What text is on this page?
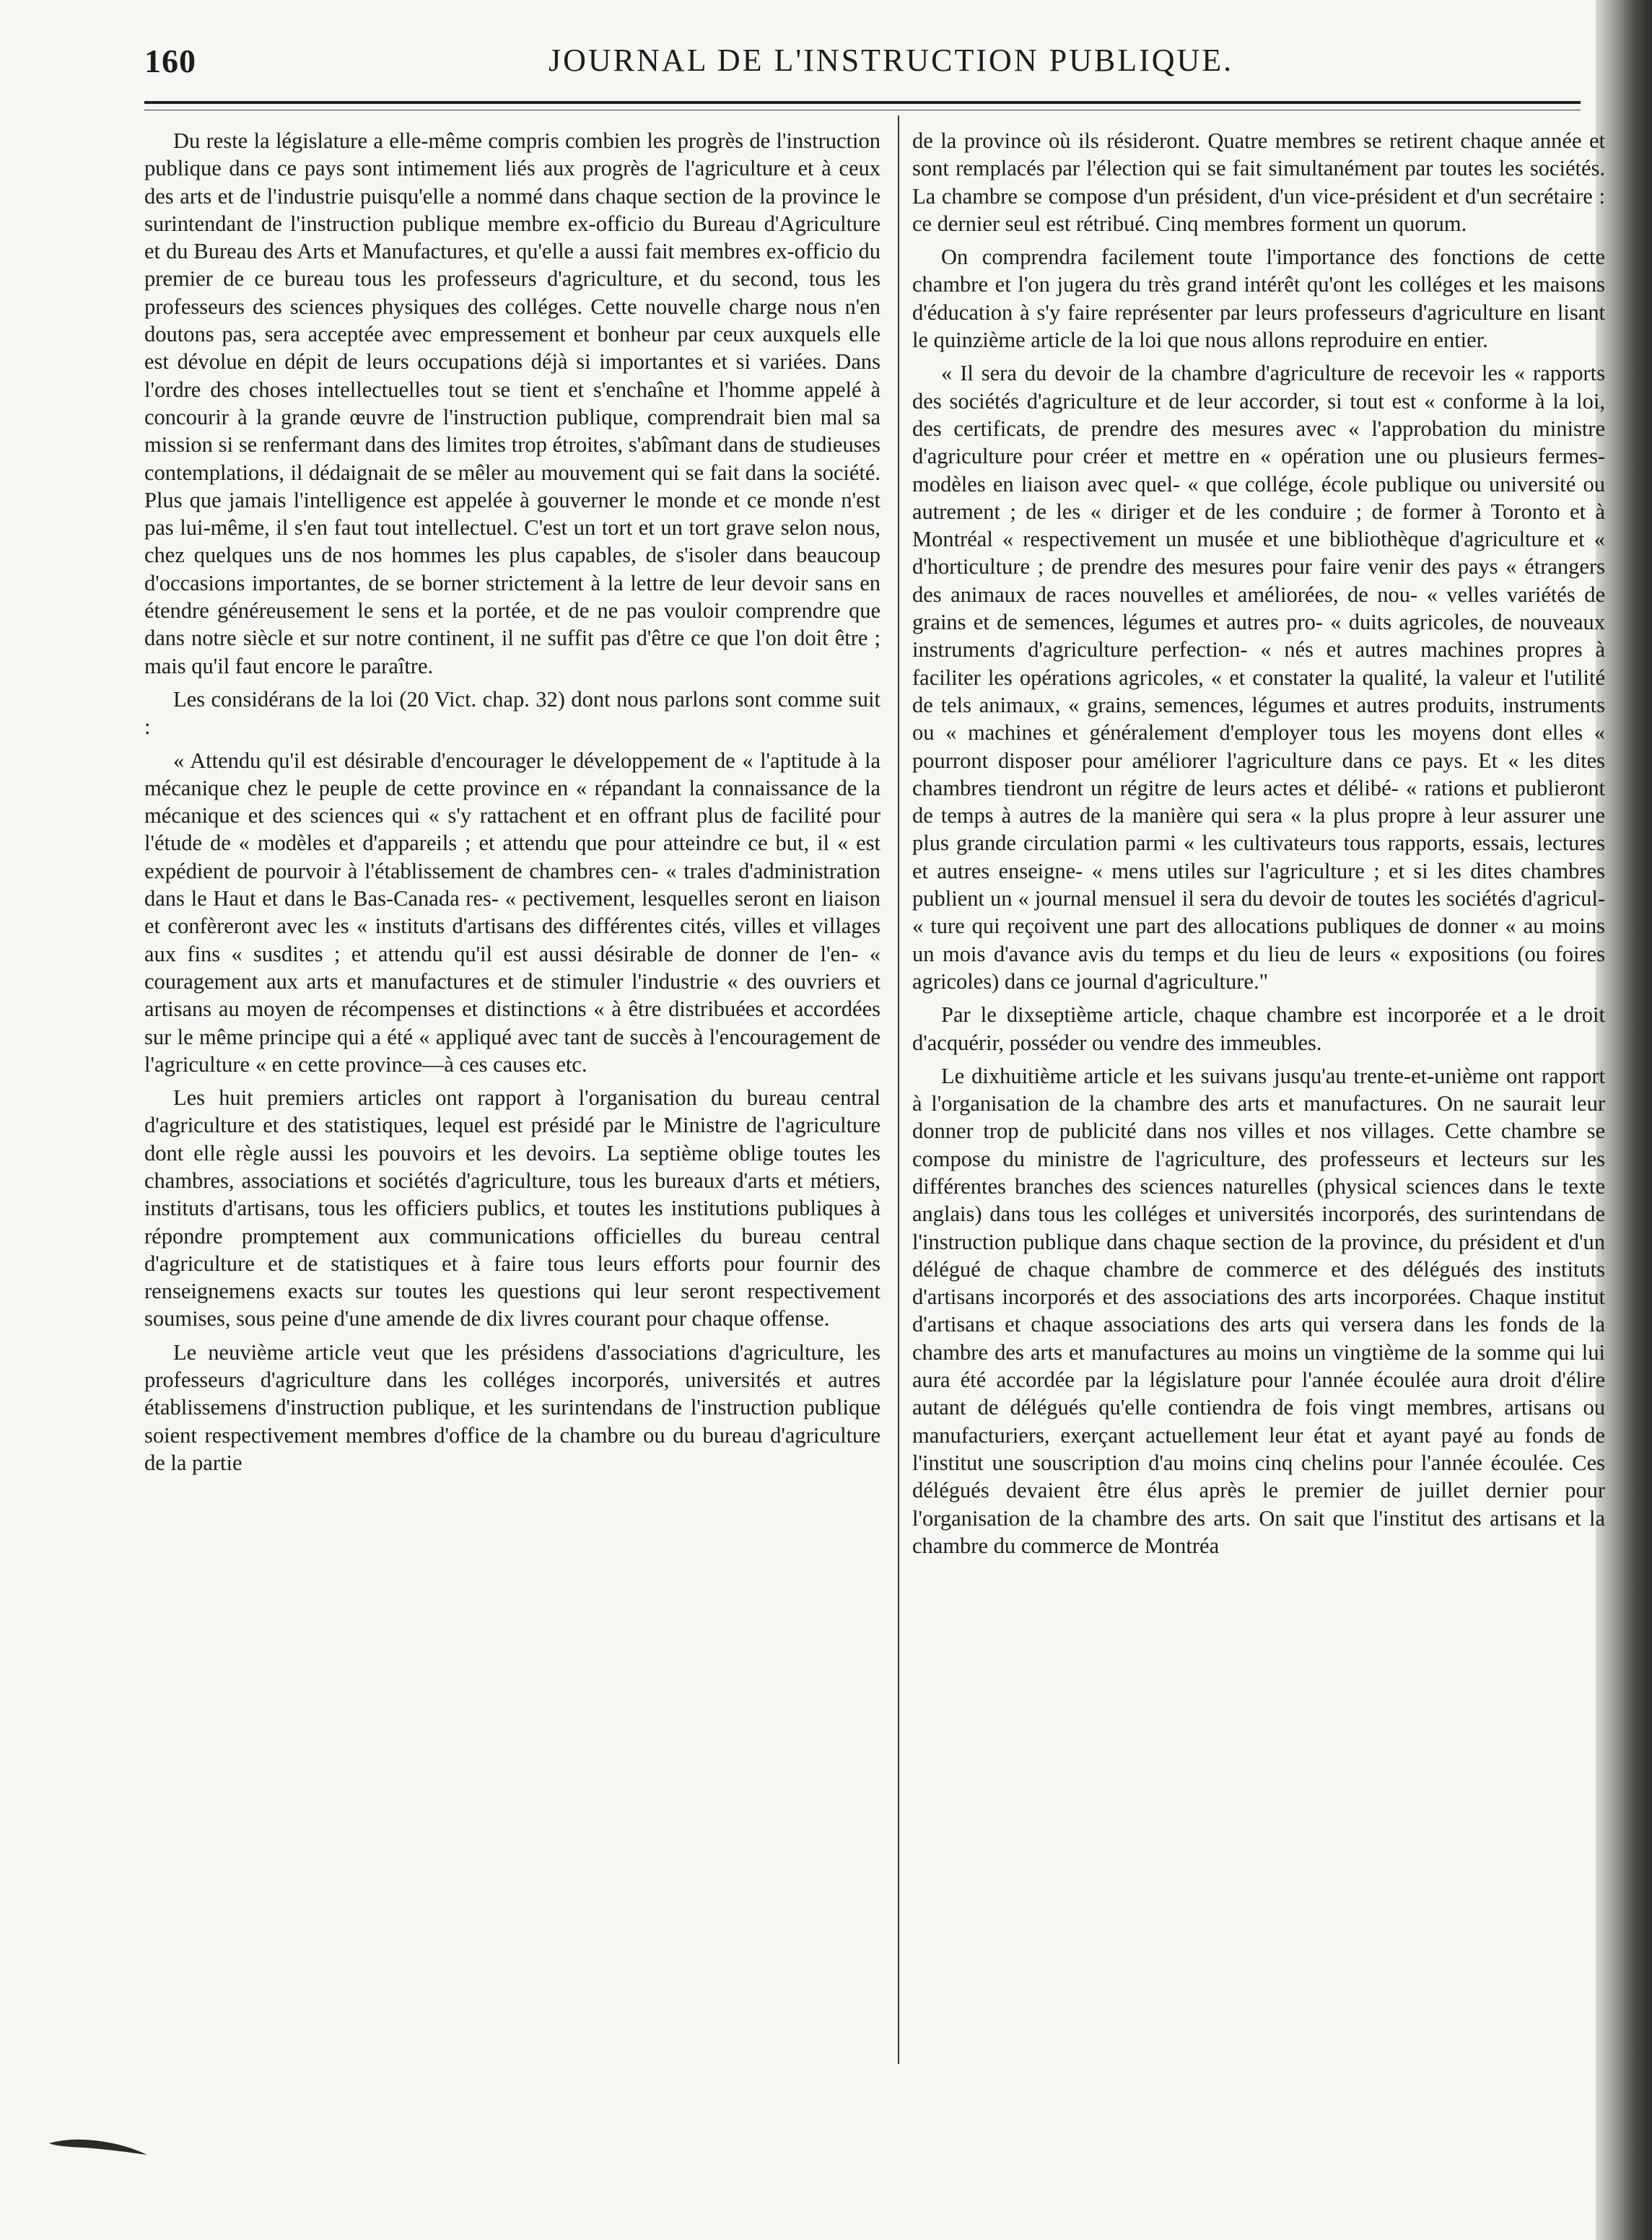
160	JOURNAL DE L'INSTRUCTION PUBLIQUE.

Du reste la législature a elle-même compris combien les progrès de l'instruction publique dans ce pays sont intimement liés aux progrès de l'agriculture et à ceux des arts et de l'industrie puisqu'elle a nommé dans chaque section de la province le surintendant de l'instruction publique membre ex-officio du Bureau d'Agriculture et du Bureau des Arts et Manufactures, et qu'elle a aussi fait membres ex-officio du premier de ce bureau tous les professeurs d'agriculture, et du second, tous les professeurs des sciences physiques des colléges. Cette nouvelle charge nous n'en doutons pas, sera acceptée avec empressement et bonheur par ceux auxquels elle est dévolue en dépit de leurs occupations déjà si importantes et si variées. Dans l'ordre des choses intellectuelles tout se tient et s'enchaîne et l'homme appelé à concourir à la grande œuvre de l'instruction publique, comprendrait bien mal sa mission si se renfermant dans des limites trop étroites, s'abîmant dans de studieuses contemplations, il dédaignait de se mêler au mouvement qui se fait dans la société. Plus que jamais l'intelligence est appelée à gouverner le monde et ce monde n'est pas lui-même, il s'en faut tout intellectuel. C'est un tort et un tort grave selon nous, chez quelques uns de nos hommes les plus capables, de s'isoler dans beaucoup d'occasions importantes, de se borner strictement à la lettre de leur devoir sans en étendre généreusement le sens et la portée, et de ne pas vouloir comprendre que dans notre siècle et sur notre continent, il ne suffit pas d'être ce que l'on doit être ; mais qu'il faut encore le paraître.

Les considérans de la loi (20 Vict. chap. 32) dont nous parlons sont comme suit :

« Attendu qu'il est désirable d'encourager le développement de « l'aptitude à la mécanique chez le peuple de cette province en « répandant la connaissance de la mécanique et des sciences qui « s'y rattachent et en offrant plus de facilité pour l'étude de « modèles et d'appareils ; et attendu que pour atteindre ce but, il « est expédient de pourvoir à l'établissement de chambres cen- « trales d'administration dans le Haut et dans le Bas-Canada res- « pectivement, lesquelles seront en liaison et confèreront avec les « instituts d'artisans des différentes cités, villes et villages aux fins « susdites ; et attendu qu'il est aussi désirable de donner de l'en- « couragement aux arts et manufactures et de stimuler l'industrie « des ouvriers et artisans au moyen de récompenses et distinctions « à être distribuées et accordées sur le même principe qui a été « appliqué avec tant de succès à l'encouragement de l'agriculture « en cette province—à ces causes etc.

Les huit premiers articles ont rapport à l'organisation du bureau central d'agriculture et des statistiques, lequel est présidé par le Ministre de l'agriculture dont elle règle aussi les pouvoirs et les devoirs. La septième oblige toutes les chambres, associations et sociétés d'agriculture, tous les bureaux d'arts et métiers, instituts d'artisans, tous les officiers publics, et toutes les institutions publiques à répondre promptement aux communications officielles du bureau central d'agriculture et de statistiques et à faire tous leurs efforts pour fournir des renseignemens exacts sur toutes les questions qui leur seront respectivement soumises, sous peine d'une amende de dix livres courant pour chaque offense.

Le neuvième article veut que les présidens d'associations d'agriculture, les professeurs d'agriculture dans les colléges incorporés, universités et autres établissemens d'instruction publique, et les surintendans de l'instruction publique soient respectivement membres d'office de la chambre ou du bureau d'agriculture de la partie

de la province où ils résideront. Quatre membres se retirent chaque année et sont remplacés par l'élection qui se fait simultanément par toutes les sociétés. La chambre se compose d'un président, d'un vice-président et d'un secrétaire : ce dernier seul est rétribué. Cinq membres forment un quorum.

On comprendra facilement toute l'importance des fonctions de cette chambre et l'on jugera du très grand intérêt qu'ont les colléges et les maisons d'éducation à s'y faire représenter par leurs professeurs d'agriculture en lisant le quinzième article de la loi que nous allons reproduire en entier.

« Il sera du devoir de la chambre d'agriculture de recevoir les « rapports des sociétés d'agriculture et de leur accorder, si tout est « conforme à la loi, des certificats, de prendre des mesures avec « l'approbation du ministre d'agriculture pour créer et mettre en « opération une ou plusieurs fermes-modèles en liaison avec quel- « que collége, école publique ou université ou autrement ; de les « diriger et de les conduire ; de former à Toronto et à Montréal « respectivement un musée et une bibliothèque d'agriculture et « d'horticulture ; de prendre des mesures pour faire venir des pays « étrangers des animaux de races nouvelles et améliorées, de nou- « velles variétés de grains et de semences, légumes et autres pro- « duits agricoles, de nouveaux instruments d'agriculture perfection- « nés et autres machines propres à faciliter les opérations agricoles, « et constater la qualité, la valeur et l'utilité de tels animaux, « grains, semences, légumes et autres produits, instruments ou « machines et généralement d'employer tous les moyens dont elles « pourront disposer pour améliorer l'agriculture dans ce pays. Et « les dites chambres tiendront un régitre de leurs actes et délibé- « rations et publieront de temps à autres de la manière qui sera « la plus propre à leur assurer une plus grande circulation parmi « les cultivateurs tous rapports, essais, lectures et autres enseigne- « mens utiles sur l'agriculture ; et si les dites chambres publient un « journal mensuel il sera du devoir de toutes les sociétés d'agricul- « ture qui reçoivent une part des allocations publiques de donner « au moins un mois d'avance avis du temps et du lieu de leurs « expositions (ou foires agricoles) dans ce journal d'agriculture."

Par le dixseptième article, chaque chambre est incorporée et a le droit d'acquérir, posséder ou vendre des immeubles.

Le dixhuitième article et les suivans jusqu'au trente-et-unième ont rapport à l'organisation de la chambre des arts et manufactures. On ne saurait leur donner trop de publicité dans nos villes et nos villages. Cette chambre se compose du ministre de l'agriculture, des professeurs et lecteurs sur les différentes branches des sciences naturelles (physical sciences dans le texte anglais) dans tous les colléges et universités incorporés, des surintendans de l'instruction publique dans chaque section de la province, du président et d'un délégué de chaque chambre de commerce et des délégués des instituts d'artisans incorporés et des associations des arts incorporées. Chaque institut d'artisans et chaque associations des arts qui versera dans les fonds de la chambre des arts et manufactures au moins un vingtième de la somme qui lui aura été accordée par la législature pour l'année écoulée aura droit d'élire autant de délégués qu'elle contiendra de fois vingt membres, artisans ou manufacturiers, exerçant actuellement leur état et ayant payé au fonds de l'institut une souscription d'au moins cinq chelins pour l'année écoulée. Ces délégués devaient être élus après le premier de juillet dernier pour l'organisation de la chambre des arts. On sait que l'institut des artisans et la chambre du commerce de Montréa
